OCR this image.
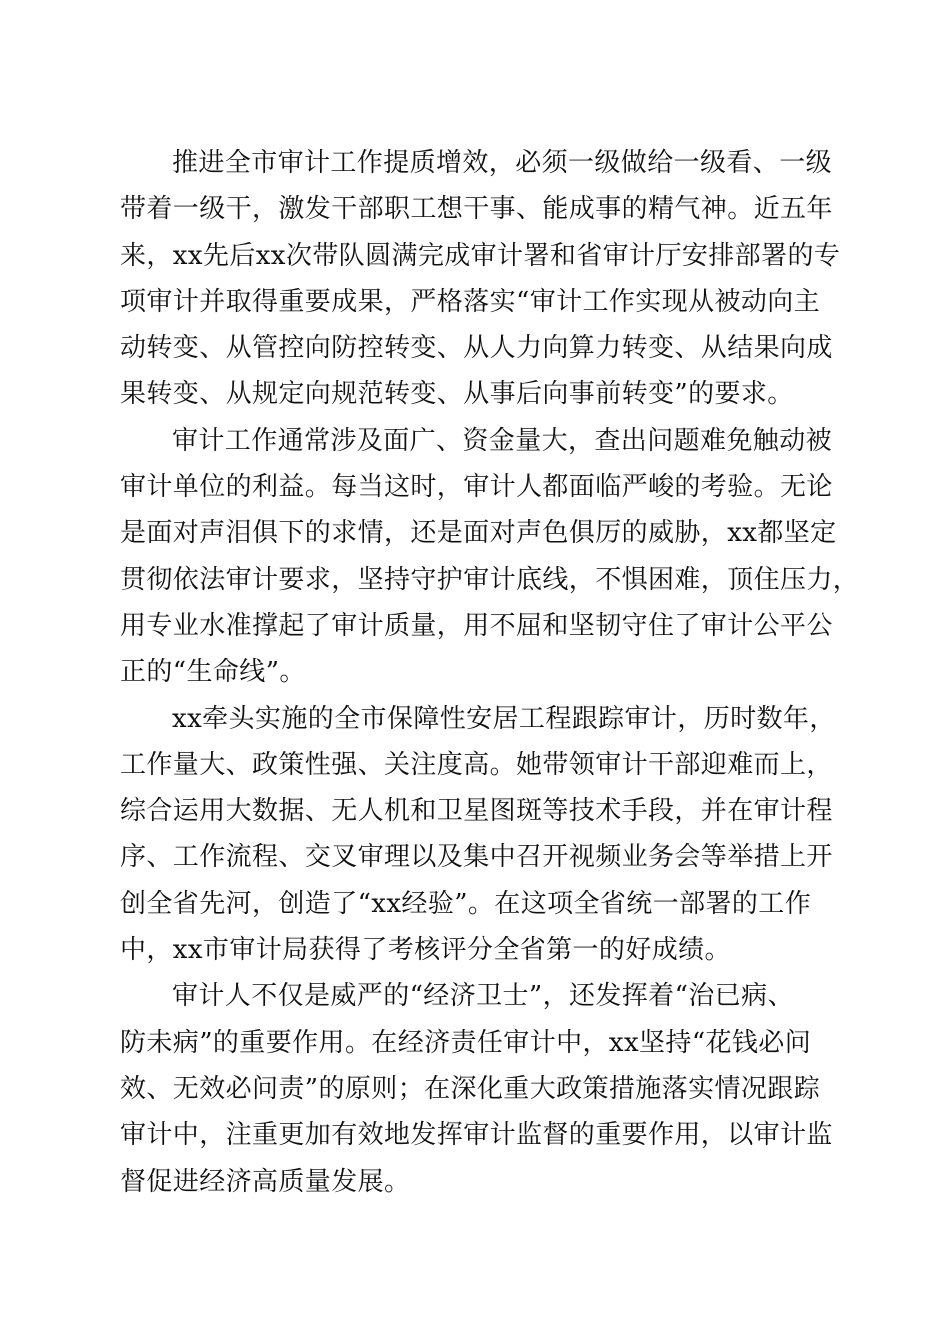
推进全市审计工作提质增效，必须一级做给一级看、一级
带着一级干，激发干部职工想干事、能成事的精气神。近五年
来，xx先后xx次带队圆满完成审计署和省审计厅安排部署的专
项审计并取得重要成果，严格落实“审计工作实现从被动向主
动转变、从管控向防控转变、从人力向算力转变、从结果向成
果转变、从规定向规范转变、从事后向事前转变”的要求。
审计工作通常涉及面广、资金量大，查出问题难免触动被
审计单位的利益。每当这时，审计人都面临严峻的考验。无论
是面对声泪俱下的求情，还是面对声色俱厉的威胁，xx都坚定
贯彻依法审计要求，坚持守护审计底线，不惧困难，顶住压力，
用专业水准撑起了审计质量，用不屈和坚韧守住了审计公平公
正的“生命线”。
xx牵头实施的全市保障性安居工程跟踪审计，历时数年，
工作量大、政策性强、关注度高。她带领审计干部迎难而上，
综合运用大数据、无人机和卫星图斑等技术手段，并在审计程
序、工作流程、交叉审理以及集中召开视频业务会等举措上开
创全省先河，创造了“xx经验”。在这项全省统一部署的工作
中，xx市审计局获得了考核评分全省第一的好成绩。
审计人不仅是威严的“经济卫士”，还发挥着“治已病、
防未病”的重要作用。在经济责任审计中，xx坚持“花钱必问
效、无效必问责”的原则；在深化重大政策措施落实情况跟踪
审计中，注重更加有效地发挥审计监督的重要作用，以审计监
督促进经济高质量发展。
